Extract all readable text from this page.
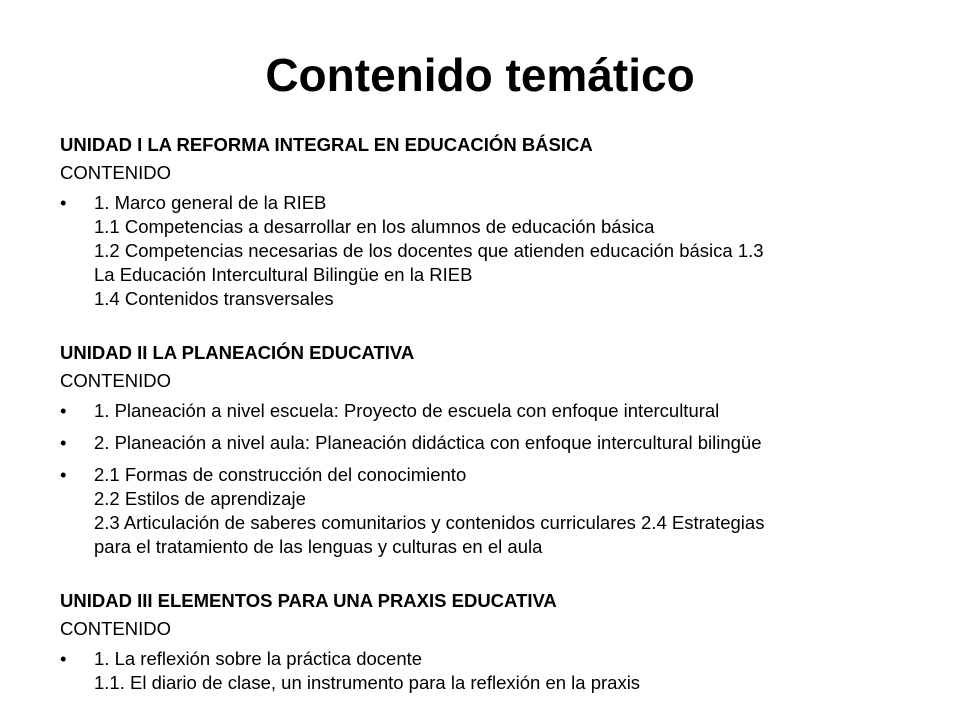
Contenido temático
UNIDAD I LA REFORMA INTEGRAL EN EDUCACIÓN BÁSICA
CONTENIDO
•	1. Marco general de la RIEB
1.1 Competencias a desarrollar en los alumnos de educación básica
1.2 Competencias necesarias de los docentes que atienden educación básica 1.3
La Educación Intercultural Bilingüe en la RIEB
1.4 Contenidos transversales
UNIDAD II LA PLANEACIÓN EDUCATIVA
CONTENIDO
•	1. Planeación a nivel escuela: Proyecto de escuela con enfoque intercultural
•	2. Planeación a nivel aula: Planeación didáctica con enfoque intercultural bilingüe
•	2.1 Formas de construcción del conocimiento
2.2 Estilos de aprendizaje
2.3 Articulación de saberes comunitarios y contenidos curriculares 2.4 Estrategias
para el tratamiento de las lenguas y culturas en el aula
UNIDAD III ELEMENTOS PARA UNA PRAXIS EDUCATIVA
CONTENIDO
•	1. La reflexión sobre la práctica docente
1.1. El diario de clase, un instrumento para la reflexión en la praxis
